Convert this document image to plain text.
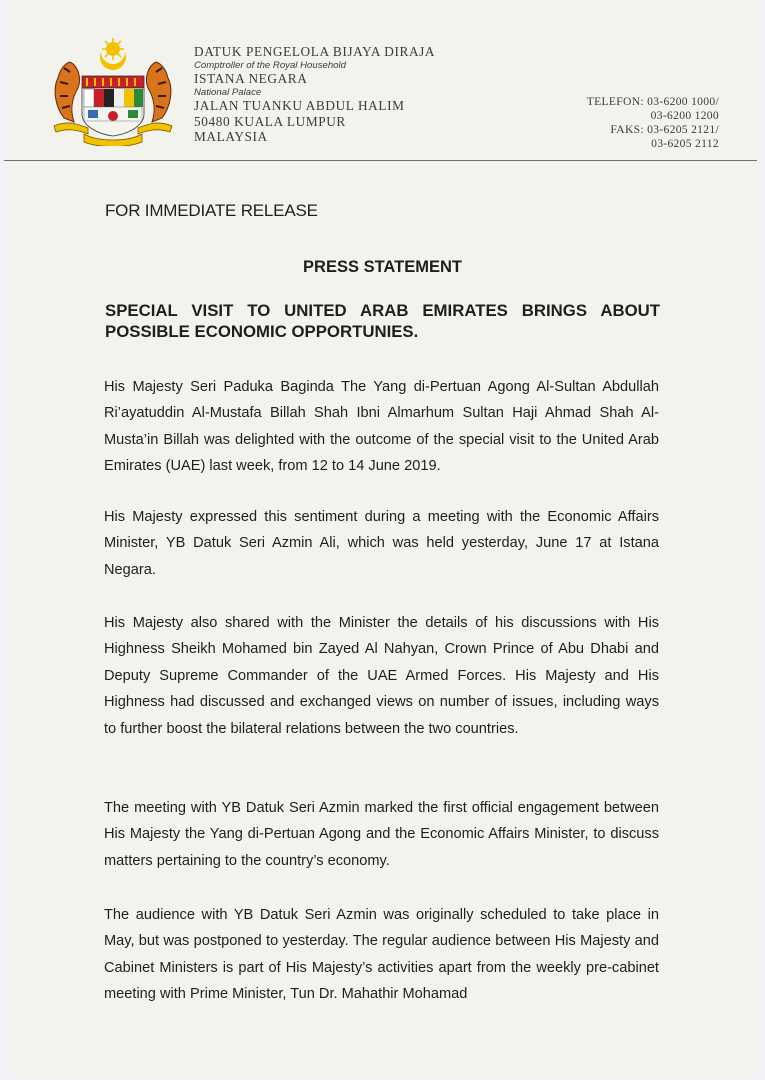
DATUK PENGELOLA BIJAYA DIRAJA
Comptroller of the Royal Household
ISTANA NEGARA
National Palace
JALAN TUANKU ABDUL HALIM
50480 KUALA LUMPUR
MALAYSIA
TELEFON: 03-6200 1000/
03-6200 1200
FAKS: 03-6205 2121/
03-6205 2112
FOR IMMEDIATE RELEASE
PRESS STATEMENT
SPECIAL VISIT TO UNITED ARAB EMIRATES BRINGS ABOUT POSSIBLE ECONOMIC OPPORTUNIES.

His Majesty Seri Paduka Baginda The Yang di-Pertuan Agong Al-Sultan Abdullah Ri’ayatuddin Al-Mustafa Billah Shah Ibni Almarhum Sultan Haji Ahmad Shah Al-Musta’in Billah was delighted with the outcome of the special visit to the United Arab Emirates (UAE) last week, from 12 to 14 June 2019.

His Majesty expressed this sentiment during a meeting with the Economic Affairs Minister, YB Datuk Seri Azmin Ali, which was held yesterday, June 17 at Istana Negara.

His Majesty also shared with the Minister the details of his discussions with His Highness Sheikh Mohamed bin Zayed Al Nahyan, Crown Prince of Abu Dhabi and Deputy Supreme Commander of the UAE Armed Forces. His Majesty and His Highness had discussed and exchanged views on number of issues, including ways to further boost the bilateral relations between the two countries.

The meeting with YB Datuk Seri Azmin marked the first official engagement between His Majesty the Yang di-Pertuan Agong and the Economic Affairs Minister, to discuss matters pertaining to the country’s economy.

The audience with YB Datuk Seri Azmin was originally scheduled to take place in May, but was postponed to yesterday. The regular audience between His Majesty and Cabinet Ministers is part of His Majesty’s activities apart from the weekly pre-cabinet meeting with Prime Minister, Tun Dr. Mahathir Mohamad
